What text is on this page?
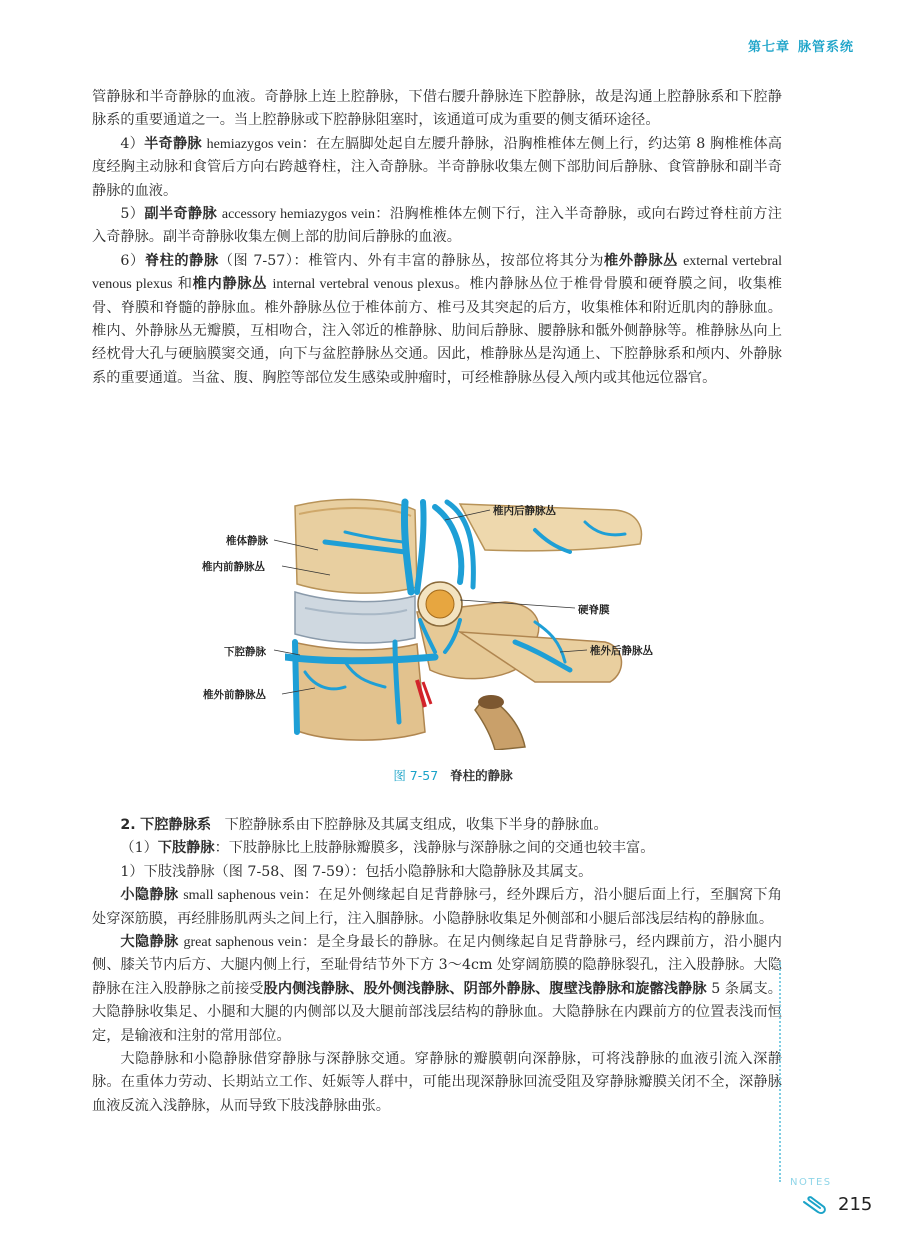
第七章 脉管系统

管静脉和半奇静脉的血液。奇静脉上连上腔静脉，下借右腰升静脉连下腔静脉，故是沟通上腔静脉系和下腔静脉系的重要通道之一。当上腔静脉或下腔静脉阻塞时，该通道可成为重要的侧支循环途径。

4）半奇静脉 hemiazygos vein：在左膈脚处起自左腰升静脉，沿胸椎椎体左侧上行，约达第 8 胸椎椎体高度经胸主动脉和食管后方向右跨越脊柱，注入奇静脉。半奇静脉收集左侧下部肋间后静脉、食管静脉和副半奇静脉的血液。

5）副半奇静脉 accessory hemiazygos vein：沿胸椎椎体左侧下行，注入半奇静脉，或向右跨过脊柱前方注入奇静脉。副半奇静脉收集左侧上部的肋间后静脉的血液。

6）脊柱的静脉（图 7-57）：椎管内、外有丰富的静脉丛，按部位将其分为椎外静脉丛 external vertebral venous plexus 和椎内静脉丛 internal vertebral venous plexus。椎内静脉丛位于椎骨骨膜和硬脊膜之间，收集椎骨、脊膜和脊髓的静脉血。椎外静脉丛位于椎体前方、椎弓及其突起的后方，收集椎体和附近肌肉的静脉血。椎内、外静脉丛无瓣膜，互相吻合，注入邻近的椎静脉、肋间后静脉、腰静脉和骶外侧静脉等。椎静脉丛向上经枕骨大孔与硬脑膜窦交通，向下与盆腔静脉丛交通。因此，椎静脉丛是沟通上、下腔静脉系和颅内、外静脉系的重要通道。当盆、腹、胸腔等部位发生感染或肿瘤时，可经椎静脉丛侵入颅内或其他远位器官。

椎体静脉
椎内前静脉丛
下腔静脉
椎外前静脉丛
椎内后静脉丛
硬脊膜
椎外后静脉丛
图 7-57 脊柱的静脉

2. 下腔静脉系 下腔静脉系由下腔静脉及其属支组成，收集下半身的静脉血。

（1）下肢静脉：下肢静脉比上肢静脉瓣膜多，浅静脉与深静脉之间的交通也较丰富。

1）下肢浅静脉（图 7-58、图 7-59）：包括小隐静脉和大隐静脉及其属支。

小隐静脉 small saphenous vein：在足外侧缘起自足背静脉弓，经外踝后方，沿小腿后面上行，至腘窝下角处穿深筋膜，再经腓肠肌两头之间上行，注入腘静脉。小隐静脉收集足外侧部和小腿后部浅层结构的静脉血。

大隐静脉 great saphenous vein：是全身最长的静脉。在足内侧缘起自足背静脉弓，经内踝前方，沿小腿内侧、膝关节内后方、大腿内侧上行，至耻骨结节外下方 3～4cm 处穿阔筋膜的隐静脉裂孔，注入股静脉。大隐静脉在注入股静脉之前接受股内侧浅静脉、股外侧浅静脉、阴部外静脉、腹壁浅静脉和旋髂浅静脉 5 条属支。大隐静脉收集足、小腿和大腿的内侧部以及大腿前部浅层结构的静脉血。大隐静脉在内踝前方的位置表浅而恒定，是输液和注射的常用部位。

大隐静脉和小隐静脉借穿静脉与深静脉交通。穿静脉的瓣膜朝向深静脉，可将浅静脉的血液引流入深静脉。在重体力劳动、长期站立工作、妊娠等人群中，可能出现深静脉回流受阻及穿静脉瓣膜关闭不全，深静脉血液反流入浅静脉，从而导致下肢浅静脉曲张。

NOTES
215
